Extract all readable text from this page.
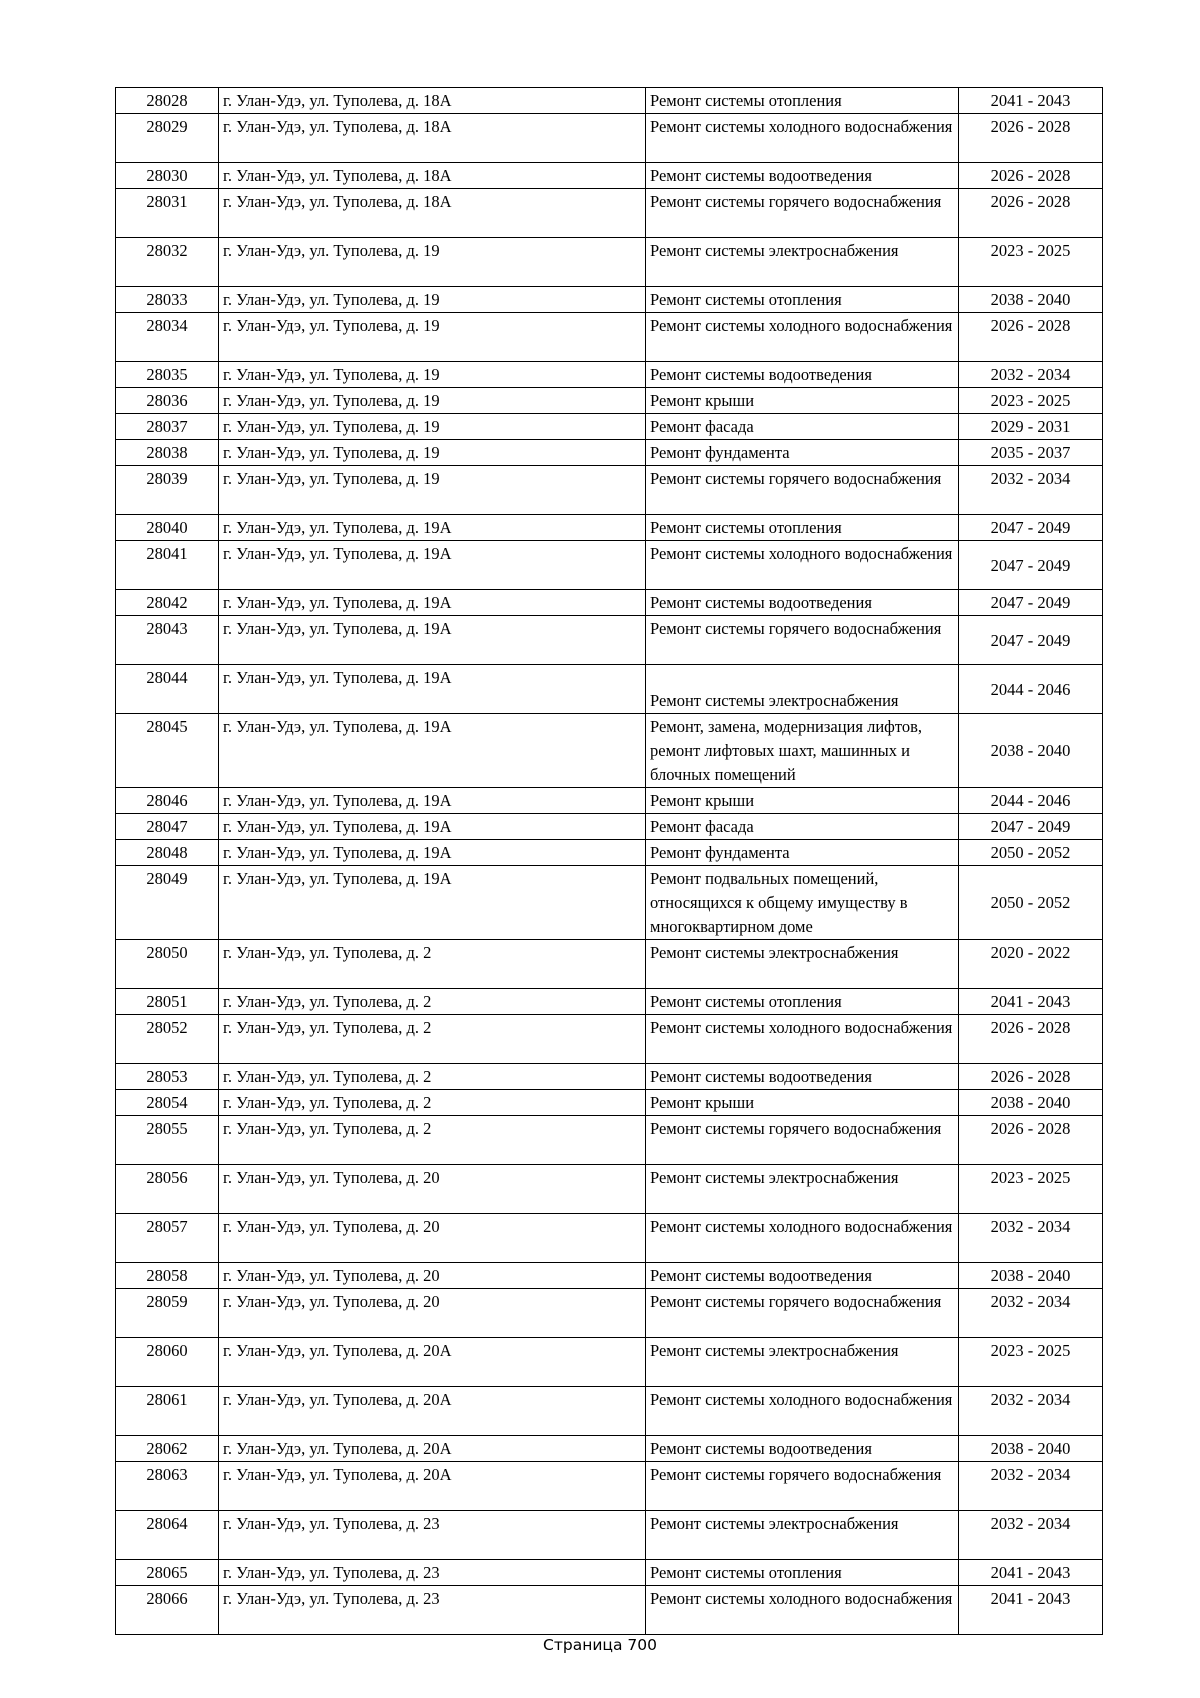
28028	г. Улан-Удэ, ул. Туполева, д. 18А	Ремонт системы отопления	2041 - 2043
28029	г. Улан-Удэ, ул. Туполева, д. 18А	Ремонт системы холодного водоснабжения	2026 - 2028
28030	г. Улан-Удэ, ул. Туполева, д. 18А	Ремонт системы водоотведения	2026 - 2028
28031	г. Улан-Удэ, ул. Туполева, д. 18А	Ремонт системы горячего водоснабжения	2026 - 2028
28032	г. Улан-Удэ, ул. Туполева, д. 19	Ремонт системы электроснабжения	2023 - 2025
28033	г. Улан-Удэ, ул. Туполева, д. 19	Ремонт системы отопления	2038 - 2040
28034	г. Улан-Удэ, ул. Туполева, д. 19	Ремонт системы холодного водоснабжения	2026 - 2028
28035	г. Улан-Удэ, ул. Туполева, д. 19	Ремонт системы водоотведения	2032 - 2034
28036	г. Улан-Удэ, ул. Туполева, д. 19	Ремонт крыши	2023 - 2025
28037	г. Улан-Удэ, ул. Туполева, д. 19	Ремонт фасада	2029 - 2031
28038	г. Улан-Удэ, ул. Туполева, д. 19	Ремонт фундамента	2035 - 2037
28039	г. Улан-Удэ, ул. Туполева, д. 19	Ремонт системы горячего водоснабжения	2032 - 2034
28040	г. Улан-Удэ, ул. Туполева, д. 19А	Ремонт системы отопления	2047 - 2049
28041	г. Улан-Удэ, ул. Туполева, д. 19А	Ремонт системы холодного водоснабжения	2047 - 2049
28042	г. Улан-Удэ, ул. Туполева, д. 19А	Ремонт системы водоотведения	2047 - 2049
28043	г. Улан-Удэ, ул. Туполева, д. 19А	Ремонт системы горячего водоснабжения	2047 - 2049
28044	г. Улан-Удэ, ул. Туполева, д. 19А	Ремонт системы электроснабжения	2044 - 2046
28045	г. Улан-Удэ, ул. Туполева, д. 19А	Ремонт, замена, модернизация лифтов, ремонт лифтовых шахт, машинных и блочных помещений	2038 - 2040
28046	г. Улан-Удэ, ул. Туполева, д. 19А	Ремонт крыши	2044 - 2046
28047	г. Улан-Удэ, ул. Туполева, д. 19А	Ремонт фасада	2047 - 2049
28048	г. Улан-Удэ, ул. Туполева, д. 19А	Ремонт фундамента	2050 - 2052
28049	г. Улан-Удэ, ул. Туполева, д. 19А	Ремонт подвальных помещений, относящихся к общему имуществу в многоквартирном доме	2050 - 2052
28050	г. Улан-Удэ, ул. Туполева, д. 2	Ремонт системы электроснабжения	2020 - 2022
28051	г. Улан-Удэ, ул. Туполева, д. 2	Ремонт системы отопления	2041 - 2043
28052	г. Улан-Удэ, ул. Туполева, д. 2	Ремонт системы холодного водоснабжения	2026 - 2028
28053	г. Улан-Удэ, ул. Туполева, д. 2	Ремонт системы водоотведения	2026 - 2028
28054	г. Улан-Удэ, ул. Туполева, д. 2	Ремонт крыши	2038 - 2040
28055	г. Улан-Удэ, ул. Туполева, д. 2	Ремонт системы горячего водоснабжения	2026 - 2028
28056	г. Улан-Удэ, ул. Туполева, д. 20	Ремонт системы электроснабжения	2023 - 2025
28057	г. Улан-Удэ, ул. Туполева, д. 20	Ремонт системы холодного водоснабжения	2032 - 2034
28058	г. Улан-Удэ, ул. Туполева, д. 20	Ремонт системы водоотведения	2038 - 2040
28059	г. Улан-Удэ, ул. Туполева, д. 20	Ремонт системы горячего водоснабжения	2032 - 2034
28060	г. Улан-Удэ, ул. Туполева, д. 20А	Ремонт системы электроснабжения	2023 - 2025
28061	г. Улан-Удэ, ул. Туполева, д. 20А	Ремонт системы холодного водоснабжения	2032 - 2034
28062	г. Улан-Удэ, ул. Туполева, д. 20А	Ремонт системы водоотведения	2038 - 2040
28063	г. Улан-Удэ, ул. Туполева, д. 20А	Ремонт системы горячего водоснабжения	2032 - 2034
28064	г. Улан-Удэ, ул. Туполева, д. 23	Ремонт системы электроснабжения	2032 - 2034
28065	г. Улан-Удэ, ул. Туполева, д. 23	Ремонт системы отопления	2041 - 2043
28066	г. Улан-Удэ, ул. Туполева, д. 23	Ремонт системы холодного водоснабжения	2041 - 2043
Страница 700
